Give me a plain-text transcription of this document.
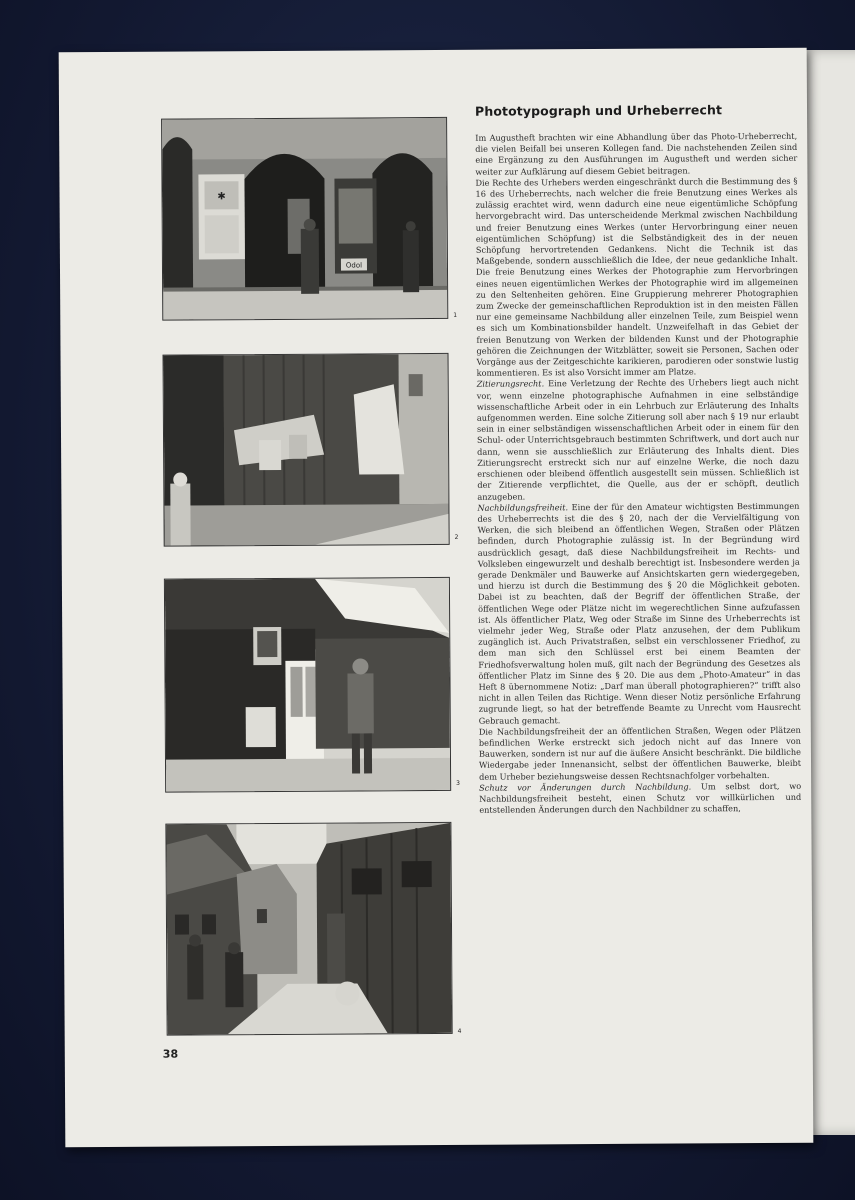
✱
Odol
1
2
3
4
Phototypograph und Urheberrecht

Im Augustheft brachten wir eine Abhandlung über das Photo-Urheberrecht, die vielen Beifall bei unseren Kollegen fand. Die nachstehenden Zeilen sind eine Ergänzung zu den Ausführungen im Augustheft und werden sicher weiter zur Aufklärung auf diesem Gebiet beitragen.

Die Rechte des Urhebers werden eingeschränkt durch die Bestimmung des § 16 des Urheberrechts, nach welcher die freie Benutzung eines Werkes als zulässig erachtet wird, wenn dadurch eine neue eigentümliche Schöpfung hervorgebracht wird. Das unterscheidende Merkmal zwischen Nachbildung und freier Benutzung eines Werkes (unter Hervorbringung einer neuen eigentümlichen Schöpfung) ist die Selbständigkeit des in der neuen Schöpfung hervortretenden Gedankens. Nicht die Technik ist das Maßgebende, sondern ausschließlich die Idee, der neue gedankliche Inhalt. Die freie Benutzung eines Werkes der Photographie zum Hervorbringen eines neuen eigentümlichen Werkes der Photographie wird im allgemeinen zu den Seltenheiten gehören. Eine Gruppierung mehrerer Photographien zum Zwecke der gemeinschaftlichen Reproduktion ist in den meisten Fällen nur eine gemeinsame Nachbildung aller einzelnen Teile, zum Beispiel wenn es sich um Kombinationsbilder handelt. Unzweifelhaft in das Gebiet der freien Benutzung von Werken der bildenden Kunst und der Photographie gehören die Zeichnungen der Witzblätter, soweit sie Personen, Sachen oder Vorgänge aus der Zeitgeschichte karikieren, parodieren oder sonstwie lustig kommentieren. Es ist also Vorsicht immer am Platze.

Zitierungsrecht. Eine Verletzung der Rechte des Urhebers liegt auch nicht vor, wenn einzelne photographische Aufnahmen in eine selbständige wissenschaftliche Arbeit oder in ein Lehrbuch zur Erläuterung des Inhalts aufgenommen werden. Eine solche Zitierung soll aber nach § 19 nur erlaubt sein in einer selbständigen wissenschaftlichen Arbeit oder in einem für den Schul- oder Unterrichtsgebrauch bestimmten Schriftwerk, und dort auch nur dann, wenn sie ausschließlich zur Erläuterung des Inhalts dient. Dies Zitierungsrecht erstreckt sich nur auf einzelne Werke, die noch dazu erschienen oder bleibend öffentlich ausgestellt sein müssen. Schließlich ist der Zitierende verpflichtet, die Quelle, aus der er schöpft, deutlich anzugeben.

Nachbildungsfreiheit. Eine der für den Amateur wichtigsten Bestimmungen des Urheberrechts ist die des § 20, nach der die Vervielfältigung von Werken, die sich bleibend an öffentlichen Wegen, Straßen oder Plätzen befinden, durch Photographie zulässig ist. In der Begründung wird ausdrücklich gesagt, daß diese Nachbildungsfreiheit im Rechts- und Volksleben eingewurzelt und deshalb berechtigt ist. Insbesondere werden ja gerade Denkmäler und Bauwerke auf Ansichtskarten gern wiedergegeben, und hierzu ist durch die Bestimmung des § 20 die Möglichkeit geboten. Dabei ist zu beachten, daß der Begriff der öffentlichen Straße, der öffentlichen Wege oder Plätze nicht im wegerechtlichen Sinne aufzufassen ist. Als öffentlicher Platz, Weg oder Straße im Sinne des Urheberrechts ist vielmehr jeder Weg, Straße oder Platz anzusehen, der dem Publikum zugänglich ist. Auch Privatstraßen, selbst ein verschlossener Friedhof, zu dem man sich den Schlüssel erst bei einem Beamten der Friedhofsverwaltung holen muß, gilt nach der Begründung des Gesetzes als öffentlicher Platz im Sinne des § 20. Die aus dem „Photo-Amateur“ in das Heft 8 übernommene Notiz: „Darf man überall photographieren?“ trifft also nicht in allen Teilen das Richtige. Wenn dieser Notiz persönliche Erfahrung zugrunde liegt, so hat der betreffende Beamte zu Unrecht vom Hausrecht Gebrauch gemacht.

Die Nachbildungsfreiheit der an öffentlichen Straßen, Wegen oder Plätzen befindlichen Werke erstreckt sich jedoch nicht auf das Innere von Bauwerken, sondern ist nur auf die äußere Ansicht beschränkt. Die bildliche Wiedergabe jeder Innenansicht, selbst der öffentlichen Bauwerke, bleibt dem Urheber beziehungsweise dessen Rechtsnachfolger vorbehalten.

Schutz vor Änderungen durch Nachbildung. Um selbst dort, wo Nachbildungsfreiheit besteht, einen Schutz vor willkürlichen und entstellenden Änderungen durch den Nachbildner zu schaffen,

38
